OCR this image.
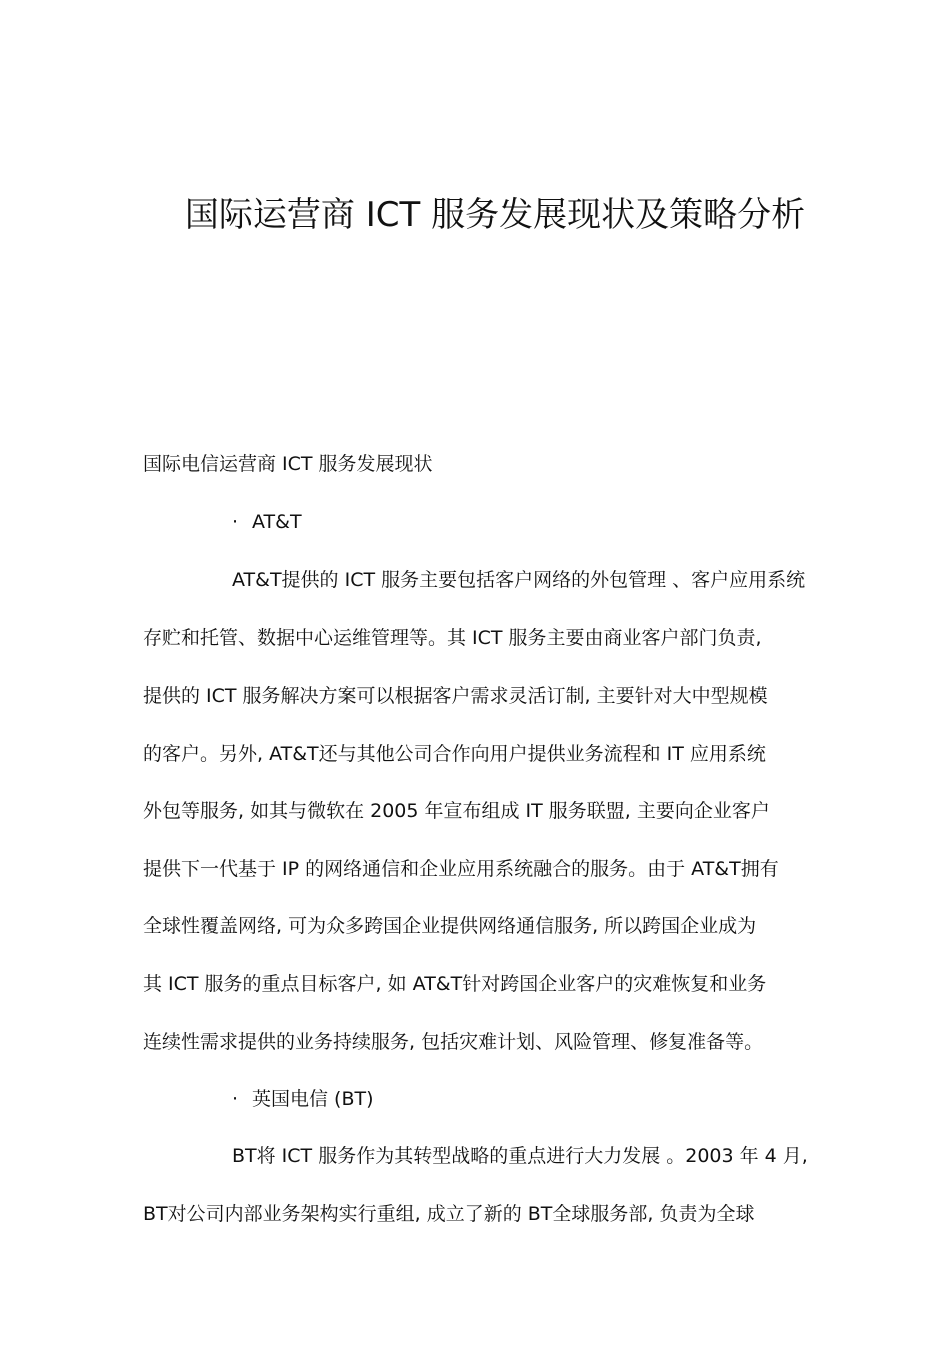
国际运营商 ICT 服务发展现状及策略分析
国际电信运营商 ICT 服务发展现状
· AT&T
AT&T提供的 ICT 服务主要包括客户网络的外包管理 、客户应用系统
存贮和托管、数据中心运维管理等。其 ICT 服务主要由商业客户部门负责,
提供的 ICT 服务解决方案可以根据客户需求灵活订制, 主要针对大中型规模
的客户。另外, AT&T还与其他公司合作向用户提供业务流程和 IT 应用系统
外包等服务, 如其与微软在 2005 年宣布组成 IT 服务联盟, 主要向企业客户
提供下一代基于 IP 的网络通信和企业应用系统融合的服务。由于 AT&T拥有
全球性覆盖网络, 可为众多跨国企业提供网络通信服务, 所以跨国企业成为
其 ICT 服务的重点目标客户, 如 AT&T针对跨国企业客户的灾难恢复和业务
连续性需求提供的业务持续服务, 包括灾难计划、风险管理、修复准备等。
· 英国电信 (BT)
BT将 ICT 服务作为其转型战略的重点进行大力发展 。2003 年 4 月,
BT对公司内部业务架构实行重组, 成立了新的 BT全球服务部, 负责为全球
